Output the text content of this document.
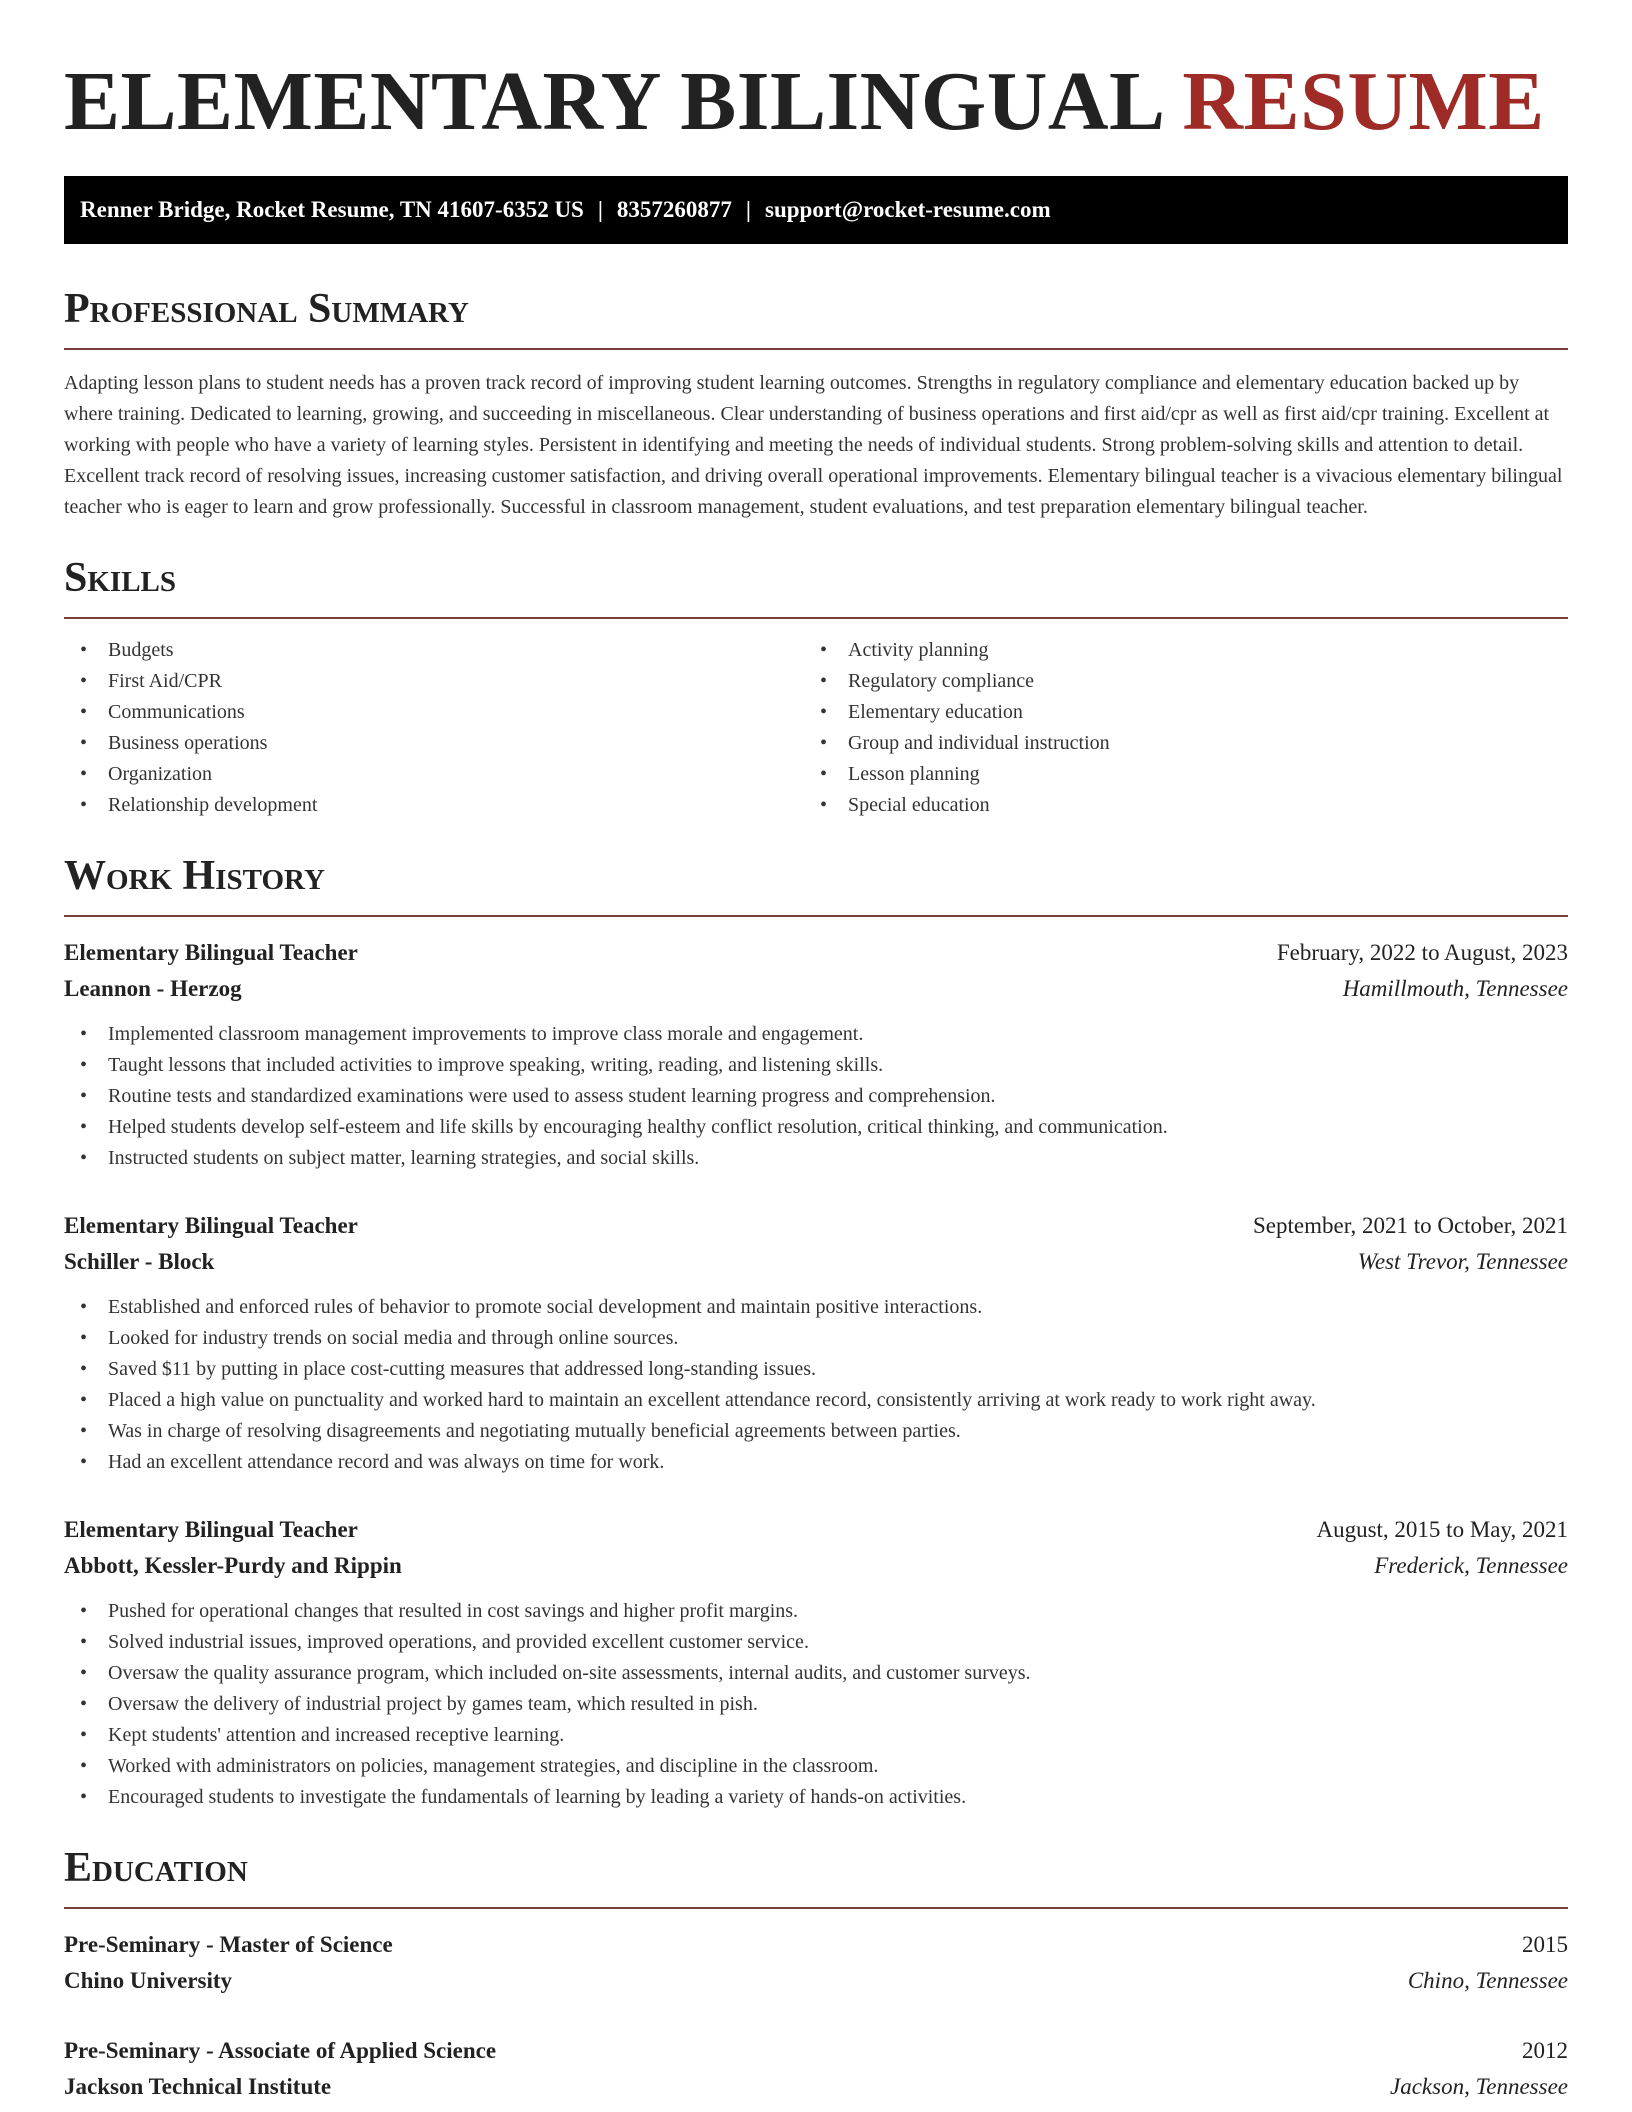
ELEMENTARY BILINGUAL RESUME
Renner Bridge, Rocket Resume, TN 41607-6352 US | 8357260877 | support@rocket-resume.com
Professional Summary

Adapting lesson plans to student needs has a proven track record of improving student learning outcomes. Strengths in regulatory compliance and elementary education backed up by where training. Dedicated to learning, growing, and succeeding in miscellaneous. Clear understanding of business operations and first aid/cpr as well as first aid/cpr training. Excellent at working with people who have a variety of learning styles. Persistent in identifying and meeting the needs of individual students. Strong problem-solving skills and attention to detail. Excellent track record of resolving issues, increasing customer satisfaction, and driving overall operational improvements. Elementary bilingual teacher is a vivacious elementary bilingual teacher who is eager to learn and grow professionally. Successful in classroom management, student evaluations, and test preparation elementary bilingual teacher.

Skills
• Budgets
• First Aid/CPR
• Communications
• Business operations
• Organization
• Relationship development
• Activity planning
• Regulatory compliance
• Elementary education
• Group and individual instruction
• Lesson planning
• Special education
Work History
Elementary Bilingual Teacher	February, 2022 to August, 2023
Leannon - Herzog	Hamillmouth, Tennessee
• Implemented classroom management improvements to improve class morale and engagement.
• Taught lessons that included activities to improve speaking, writing, reading, and listening skills.
• Routine tests and standardized examinations were used to assess student learning progress and comprehension.
• Helped students develop self-esteem and life skills by encouraging healthy conflict resolution, critical thinking, and communication.
• Instructed students on subject matter, learning strategies, and social skills.
Elementary Bilingual Teacher	September, 2021 to October, 2021
Schiller - Block	West Trevor, Tennessee
• Established and enforced rules of behavior to promote social development and maintain positive interactions.
• Looked for industry trends on social media and through online sources.
• Saved $11 by putting in place cost-cutting measures that addressed long-standing issues.
• Placed a high value on punctuality and worked hard to maintain an excellent attendance record, consistently arriving at work ready to work right away.
• Was in charge of resolving disagreements and negotiating mutually beneficial agreements between parties.
• Had an excellent attendance record and was always on time for work.
Elementary Bilingual Teacher	August, 2015 to May, 2021
Abbott, Kessler-Purdy and Rippin	Frederick, Tennessee
• Pushed for operational changes that resulted in cost savings and higher profit margins.
• Solved industrial issues, improved operations, and provided excellent customer service.
• Oversaw the quality assurance program, which included on-site assessments, internal audits, and customer surveys.
• Oversaw the delivery of industrial project by games team, which resulted in pish.
• Kept students' attention and increased receptive learning.
• Worked with administrators on policies, management strategies, and discipline in the classroom.
• Encouraged students to investigate the fundamentals of learning by leading a variety of hands-on activities.
Education
Pre-Seminary - Master of Science	2015
Chino University	Chino, Tennessee
Pre-Seminary - Associate of Applied Science	2012
Jackson Technical Institute	Jackson, Tennessee
